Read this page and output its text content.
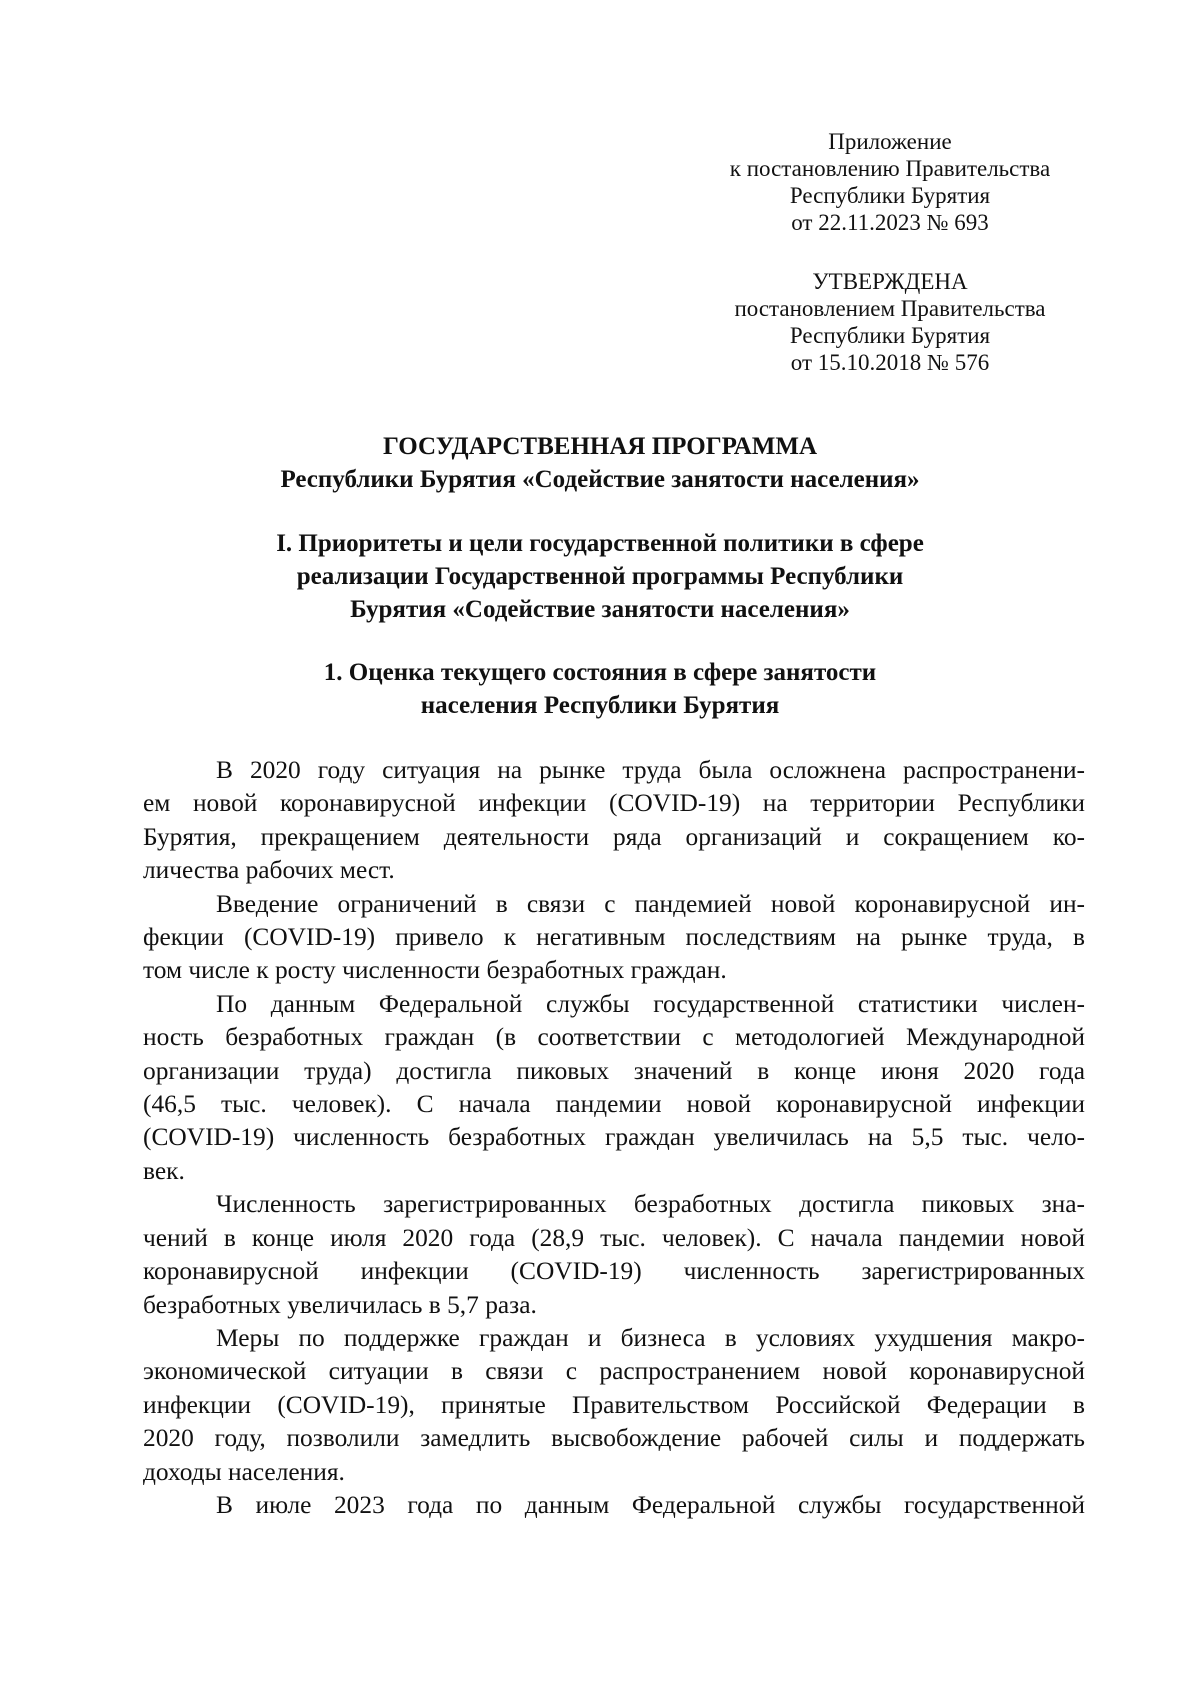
Приложение
к постановлению Правительства
Республики Бурятия
от 22.11.2023 № 693
УТВЕРЖДЕНА
постановлением Правительства
Республики Бурятия
от 15.10.2018 № 576
ГОСУДАРСТВЕННАЯ ПРОГРАММА
Республики Бурятия «Содействие занятости населения»
I. Приоритеты и цели государственной политики в сфере
реализации Государственной программы Республики
Бурятия «Содействие занятости населения»
1. Оценка текущего состояния в сфере занятости
населения Республики Бурятия
В 2020 году ситуация на рынке труда была осложнена распространени-
ем новой коронавирусной инфекции (COVID-19) на территории Республики
Бурятия, прекращением деятельности ряда организаций и сокращением ко-
личества рабочих мест.
Введение ограничений в связи с пандемией новой коронавирусной ин-
фекции (COVID-19) привело к негативным последствиям на рынке труда, в
том числе к росту численности безработных граждан.
По данным Федеральной службы государственной статистики числен-
ность безработных граждан (в соответствии с методологией Международной
организации труда) достигла пиковых значений в конце июня 2020 года
(46,5 тыс. человек). С начала пандемии новой коронавирусной инфекции
(COVID-19) численность безработных граждан увеличилась на 5,5 тыс. чело-
век.
Численность зарегистрированных безработных достигла пиковых зна-
чений в конце июля 2020 года (28,9 тыс. человек). С начала пандемии новой
коронавирусной инфекции (COVID-19) численность зарегистрированных
безработных увеличилась в 5,7 раза.
Меры по поддержке граждан и бизнеса в условиях ухудшения макро-
экономической ситуации в связи с распространением новой коронавирусной
инфекции (COVID-19), принятые Правительством Российской Федерации в
2020 году, позволили замедлить высвобождение рабочей силы и поддержать
доходы населения.
В июле 2023 года по данным Федеральной службы государственной
